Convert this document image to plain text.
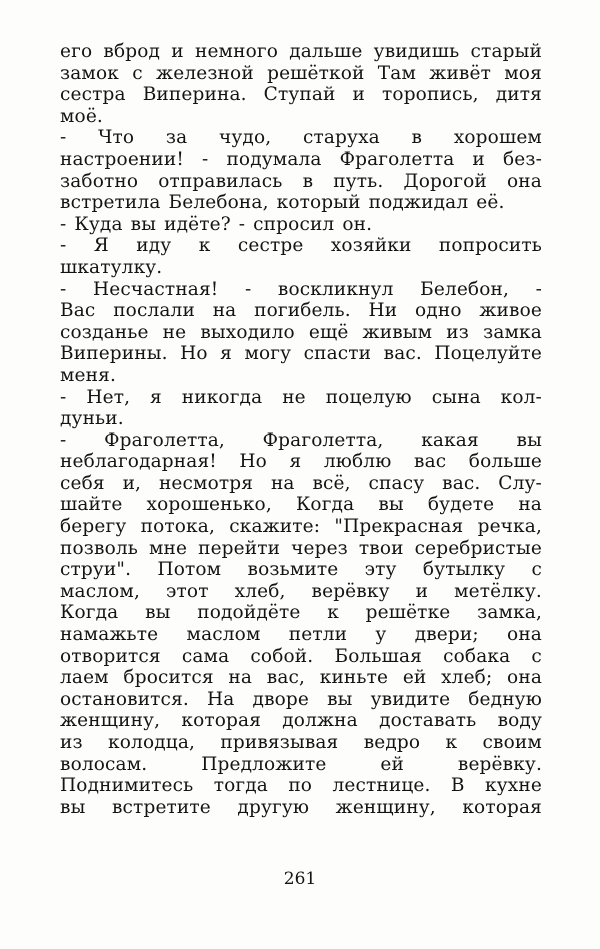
его вброд и немного дальше увидишь старый
замок с железной решёткой Там живёт моя
сестра Виперина. Ступай и торопись, дитя
моё.
- Что за чудо, старуха в хорошем
настроении! - подумала Фраголетта и без-
заботно отправилась в путь. Дорогой она
встретила Белебона, который поджидал её.
- Куда вы идёте? - спросил он.
- Я иду к сестре хозяйки попросить
шкатулку.
- Несчастная! - воскликнул Белебон, -
Вас послали на погибель. Ни одно живое
созданье не выходило ещё живым из замка
Виперины. Но я могу спасти вас. Поцелуйте
меня.
- Нет, я никогда не поцелую сына кол-
дуньи.
- Фраголетта, Фраголетта, какая вы
неблагодарная! Но я люблю вас больше
себя и, несмотря на всё, спасу вас. Слу-
шайте хорошенько, Когда вы будете на
берегу потока, скажите: "Прекрасная речка,
позволь мне перейти через твои серебристые
струи". Потом возьмите эту бутылку с
маслом, этот хлеб, верёвку и метёлку.
Когда вы подойдёте к решётке замка,
намажьте маслом петли у двери; она
отворится сама собой. Большая собака с
лаем бросится на вас, киньте ей хлеб; она
остановится. На дворе вы увидите бедную
женщину, которая должна доставать воду
из колодца, привязывая ведро к своим
волосам.	Предложите	ей	верёвку.
Поднимитесь тогда по лестнице. В кухне
вы встретите другую женщину, которая
261
